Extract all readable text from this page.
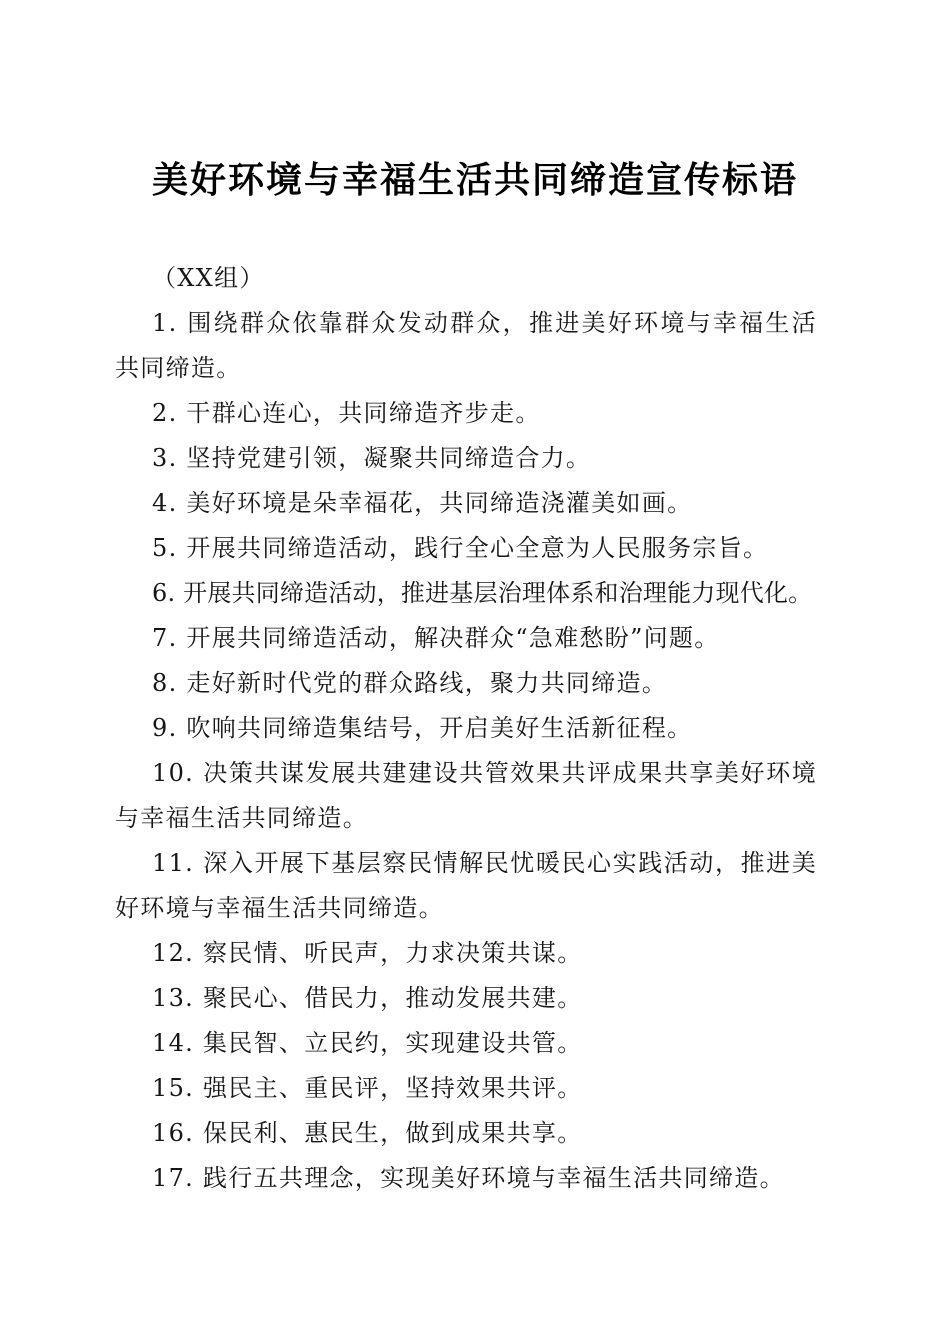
美好环境与幸福生活共同缔造宣传标语

（XX组）

1. 围绕群众依靠群众发动群众，推进美好环境与幸福生活共同缔造。

2. 干群心连心，共同缔造齐步走。

3. 坚持党建引领，凝聚共同缔造合力。

4. 美好环境是朵幸福花，共同缔造浇灌美如画。

5. 开展共同缔造活动，践行全心全意为人民服务宗旨。

6. 开展共同缔造活动，推进基层治理体系和治理能力现代化。

7. 开展共同缔造活动，解决群众“急难愁盼”问题。

8. 走好新时代党的群众路线，聚力共同缔造。

9. 吹响共同缔造集结号，开启美好生活新征程。

10. 决策共谋发展共建建设共管效果共评成果共享美好环境与幸福生活共同缔造。

11. 深入开展下基层察民情解民忧暖民心实践活动，推进美好环境与幸福生活共同缔造。

12. 察民情、听民声，力求决策共谋。

13. 聚民心、借民力，推动发展共建。

14. 集民智、立民约，实现建设共管。

15. 强民主、重民评，坚持效果共评。

16. 保民利、惠民生，做到成果共享。

17. 践行五共理念，实现美好环境与幸福生活共同缔造。
